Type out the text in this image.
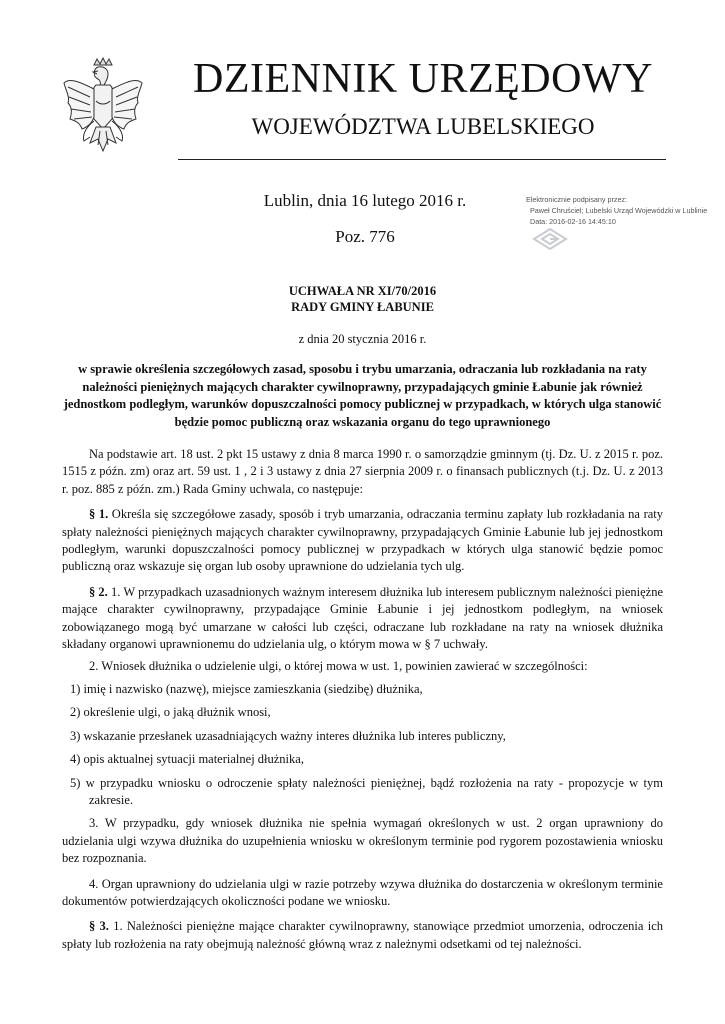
DZIENNIK URZĘDOWY
WOJEWÓDZTWA LUBELSKIEGO
Lublin, dnia 16 lutego 2016 r.
Poz. 776
Elektronicznie podpisany przez:
Paweł Chruściel; Lubelski Urząd Wojewódzki w Lublinie
Data: 2016-02-16 14:45:10
UCHWAŁA NR XI/70/2016
RADY GMINY ŁABUNIE
z dnia 20 stycznia 2016 r.
w sprawie określenia szczegółowych zasad, sposobu i trybu umarzania, odraczania lub rozkładania na raty należności pieniężnych mających charakter cywilnoprawny, przypadających gminie Łabunie jak również jednostkom podległym, warunków dopuszczalności pomocy publicznej w przypadkach, w których ulga stanowić będzie pomoc publiczną oraz wskazania organu do tego uprawnionego

Na podstawie art. 18 ust. 2 pkt 15 ustawy z dnia 8 marca 1990 r. o samorządzie gminnym (tj. Dz. U. z 2015 r. poz. 1515 z późn. zm) oraz art. 59 ust. 1 , 2 i 3 ustawy z dnia 27 sierpnia 2009 r. o finansach publicznych (t.j. Dz. U. z 2013 r. poz. 885 z późn. zm.) Rada Gminy uchwala, co następuje:

§ 1. Określa się szczegółowe zasady, sposób i tryb umarzania, odraczania terminu zapłaty lub rozkładania na raty spłaty należności pieniężnych mających charakter cywilnoprawny, przypadających Gminie Łabunie lub jej jednostkom podległym, warunki dopuszczalności pomocy publicznej w przypadkach w których ulga stanowić będzie pomoc publiczną oraz wskazuje się organ lub osoby uprawnione do udzielania tych ulg.

§ 2. 1. W przypadkach uzasadnionych ważnym interesem dłużnika lub interesem publicznym należności pieniężne mające charakter cywilnoprawny, przypadające Gminie Łabunie i jej jednostkom podległym, na wniosek zobowiązanego mogą być umarzane w całości lub części, odraczane lub rozkładane na raty na wniosek dłużnika składany organowi uprawnionemu do udzielania ulg, o którym mowa w § 7 uchwały.

2. Wniosek dłużnika o udzielenie ulgi, o której mowa w ust. 1, powinien zawierać w szczególności:

1) imię i nazwisko (nazwę), miejsce zamieszkania (siedzibę) dłużnika,

2) określenie ulgi, o jaką dłużnik wnosi,

3) wskazanie przesłanek uzasadniających ważny interes dłużnika lub interes publiczny,

4) opis aktualnej sytuacji materialnej dłużnika,

5) w przypadku wniosku o odroczenie spłaty należności pieniężnej, bądź rozłożenia na raty - propozycje w tym zakresie.

3. W przypadku, gdy wniosek dłużnika nie spełnia wymagań określonych w ust. 2 organ uprawniony do udzielania ulgi wzywa dłużnika do uzupełnienia wniosku w określonym terminie pod rygorem pozostawienia wniosku bez rozpoznania.

4. Organ uprawniony do udzielania ulgi w razie potrzeby wzywa dłużnika do dostarczenia w określonym terminie dokumentów potwierdzających okoliczności podane we wniosku.

§ 3. 1. Należności pieniężne mające charakter cywilnoprawny, stanowiące przedmiot umorzenia, odroczenia ich spłaty lub rozłożenia na raty obejmują należność główną wraz z należnymi odsetkami od tej należności.
